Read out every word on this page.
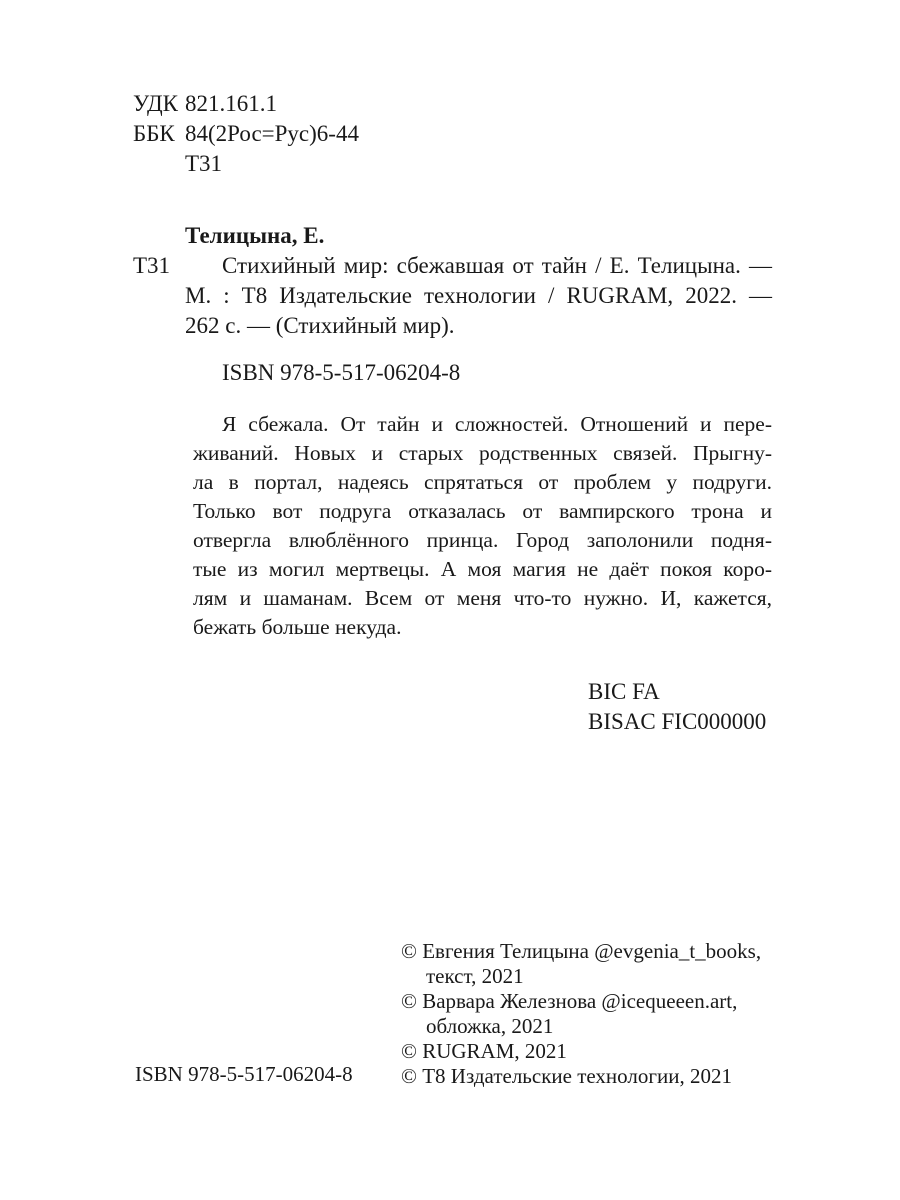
УДК 821.161.1
ББК 84(2Рос=Рус)6-44
Т31
Телицына, Е.
Т31	Стихийный мир: сбежавшая от тайн / Е. Телицына. —
М. : Т8 Издательские технологии / RUGRAM, 2022. —
262 с. — (Стихийный мир).
ISBN 978-5-517-06204-8
Я сбежала. От тайн и сложностей. Отношений и пере-
живаний. Новых и старых родственных связей. Прыгну-
ла в портал, надеясь спрятаться от проблем у подруги.
Только вот подруга отказалась от вампирского трона и
отвергла влюблённого принца. Город заполонили подня-
тые из могил мертвецы. А моя магия не даёт покоя коро-
лям и шаманам. Всем от меня что-то нужно. И, кажется,
бежать больше некуда.
BIC FA
BISAC FIC000000
© Евгения Телицына @evgenia_t_books,
текст, 2021
© Варвара Железнова @icequeeen.art,
обложка, 2021
© RUGRAM, 2021
© Т8 Издательские технологии, 2021
ISBN 978-5-517-06204-8
